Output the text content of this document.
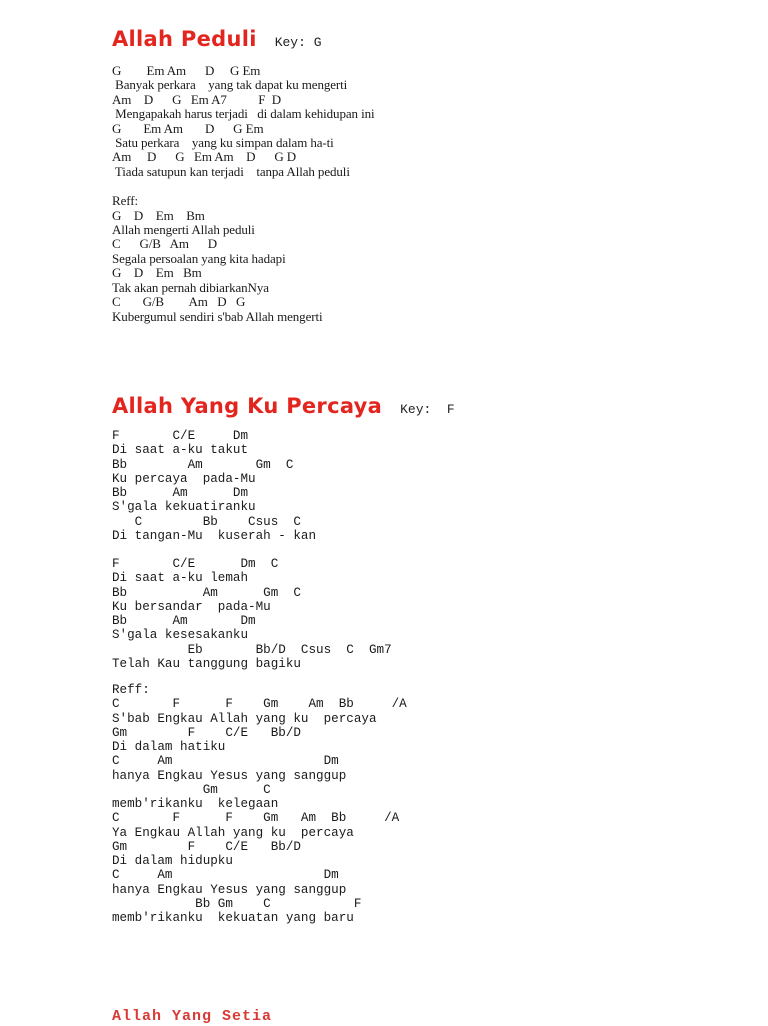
Allah Peduli Key: G
G        Em Am      D     G Em
Banyak perkara    yang tak dapat ku mengerti
Am    D      G   Em A7          F  D
Mengapakah harus terjadi   di dalam kehidupan ini
G       Em Am       D      G Em
Satu perkara    yang ku simpan dalam ha-ti
Am     D      G   Em Am    D      G D
Tiada satupun kan terjadi    tanpa Allah peduli
Reff:
G    D    Em    Bm
Allah mengerti Allah peduli
C      G/B   Am      D
Segala persoalan yang kita hadapi
G    D    Em   Bm
Tak akan pernah dibiarkanNya
C       G/B        Am   D   G
Kubergumul sendiri s'bab Allah mengerti
Allah Yang Ku Percaya Key:  F
F       C/E     Dm
Di saat a-ku takut
Bb        Am       Gm  C
Ku percaya  pada-Mu
Bb      Am      Dm
S'gala kekuatiranku
C        Bb    Csus  C
Di tangan-Mu  kuserah - kan
F       C/E      Dm  C
Di saat a-ku lemah
Bb          Am      Gm  C
Ku bersandar  pada-Mu
Bb      Am       Dm
S'gala kesesakanku
Eb       Bb/D  Csus  C  Gm7
Telah Kau tanggung bagiku
Reff:
C       F      F    Gm    Am  Bb     /A
S'bab Engkau Allah yang ku  percaya
Gm        F    C/E   Bb/D
Di dalam hatiku
C     Am                    Dm
hanya Engkau Yesus yang sanggup
Gm      C
memb'rikanku  kelegaan
C       F      F    Gm   Am  Bb     /A
Ya Engkau Allah yang ku  percaya
Gm        F    C/E   Bb/D
Di dalam hidupku
C     Am                    Dm
hanya Engkau Yesus yang sanggup
Bb Gm    C           F
memb'rikanku  kekuatan yang baru
Allah Yang Setia
